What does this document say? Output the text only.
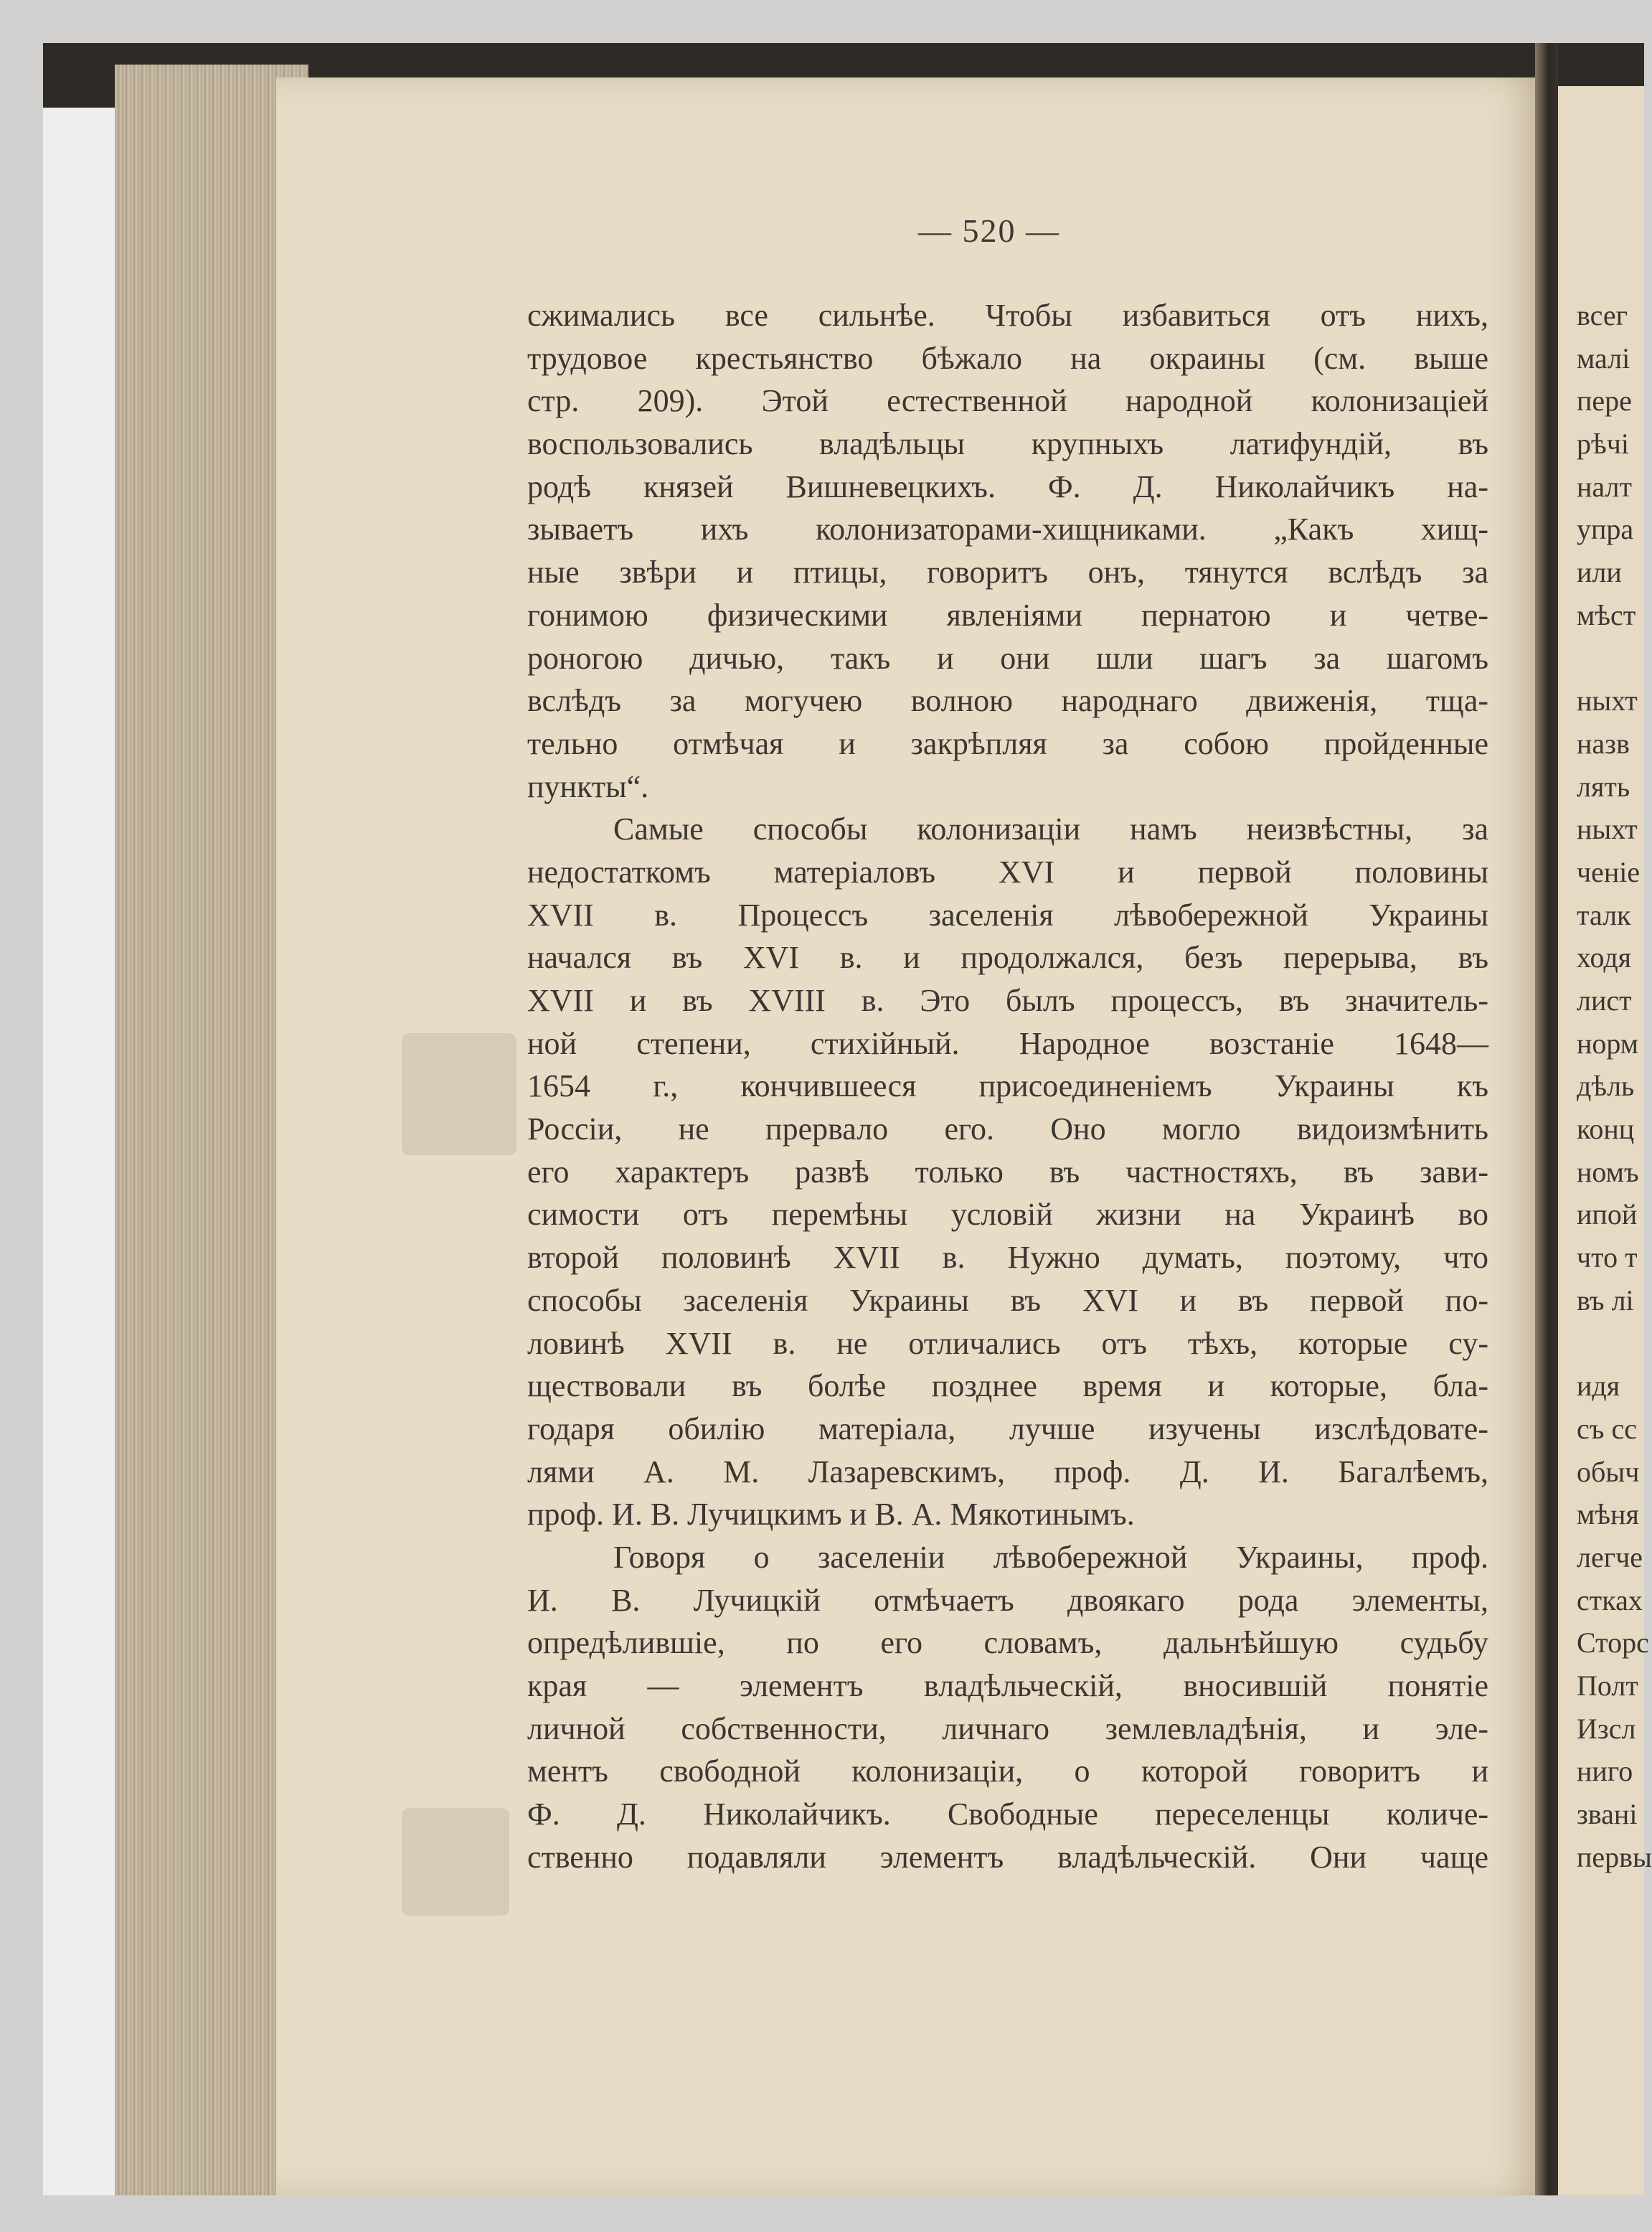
— 520 —
сжимались все сильнѣе. Чтобы избавиться отъ нихъ,
трудовое крестьянство бѣжало на окраины (см. выше
стр. 209). Этой естественной народной колонизаціей
воспользовались владѣльцы крупныхъ латифундій, въ
родѣ князей Вишневецкихъ. Ф. Д. Николайчикъ на-
зываетъ ихъ колонизаторами-хищниками. „Какъ хищ-
ные звѣри и птицы, говоритъ онъ, тянутся вслѣдъ за
гонимою физическими явленіями пернатою и четве-
роногою дичью, такъ и они шли шагъ за шагомъ
вслѣдъ за могучею волною народнаго движенія, тща-
тельно отмѣчая и закрѣпляя за собою пройденные
пункты“.
Самые способы колонизаціи намъ неизвѣстны, за
недостаткомъ матеріаловъ XVI и первой половины
XVII в. Процессъ заселенія лѣвобережной Украины
начался въ XVI в. и продолжался, безъ перерыва, въ
XVII и въ XVIII в. Это былъ процессъ, въ значитель-
ной степени, стихійный. Народное возстаніе 1648—
1654 г., кончившееся присоединеніемъ Украины къ
Россіи, не прервало его. Оно могло видоизмѣнить
его характеръ развѣ только въ частностяхъ, въ зави-
симости отъ перемѣны условій жизни на Украинѣ во
второй половинѣ XVII в. Нужно думать, поэтому, что
способы заселенія Украины въ XVI и въ первой по-
ловинѣ XVII в. не отличались отъ тѣхъ, которые су-
ществовали въ болѣе позднее время и которые, бла-
годаря обилію матеріала, лучше изучены изслѣдовате-
лями А. М. Лазаревскимъ, проф. Д. И. Багалѣемъ,
проф. И. В. Лучицкимъ и В. А. Мякотинымъ.
Говоря о заселеніи лѣвобережной Украины, проф.
И. В. Лучицкій отмѣчаетъ двоякаго рода элементы,
опредѣлившіе, по его словамъ, дальнѣйшую судьбу
края — элементъ владѣльческій, вносившій понятіе
личной собственности, личнаго землевладѣнія, и эле-
ментъ свободной колонизаціи, о которой говоритъ и
Ф. Д. Николайчикъ. Свободные переселенцы количе-
ственно подавляли элементъ владѣльческій. Они чаще
всег
малі
пере
рѣчі
налт
упра
или
мѣст
ныхт
назв
лять
ныхт
ченіе
талк
ходя
лист
норм
дѣль
конц
номъ
ипой
что т
въ лі
идя
съ сс
обыч
мѣня
легче
стках
Сторс
Полт
Изсл
ниго
звані
первы
